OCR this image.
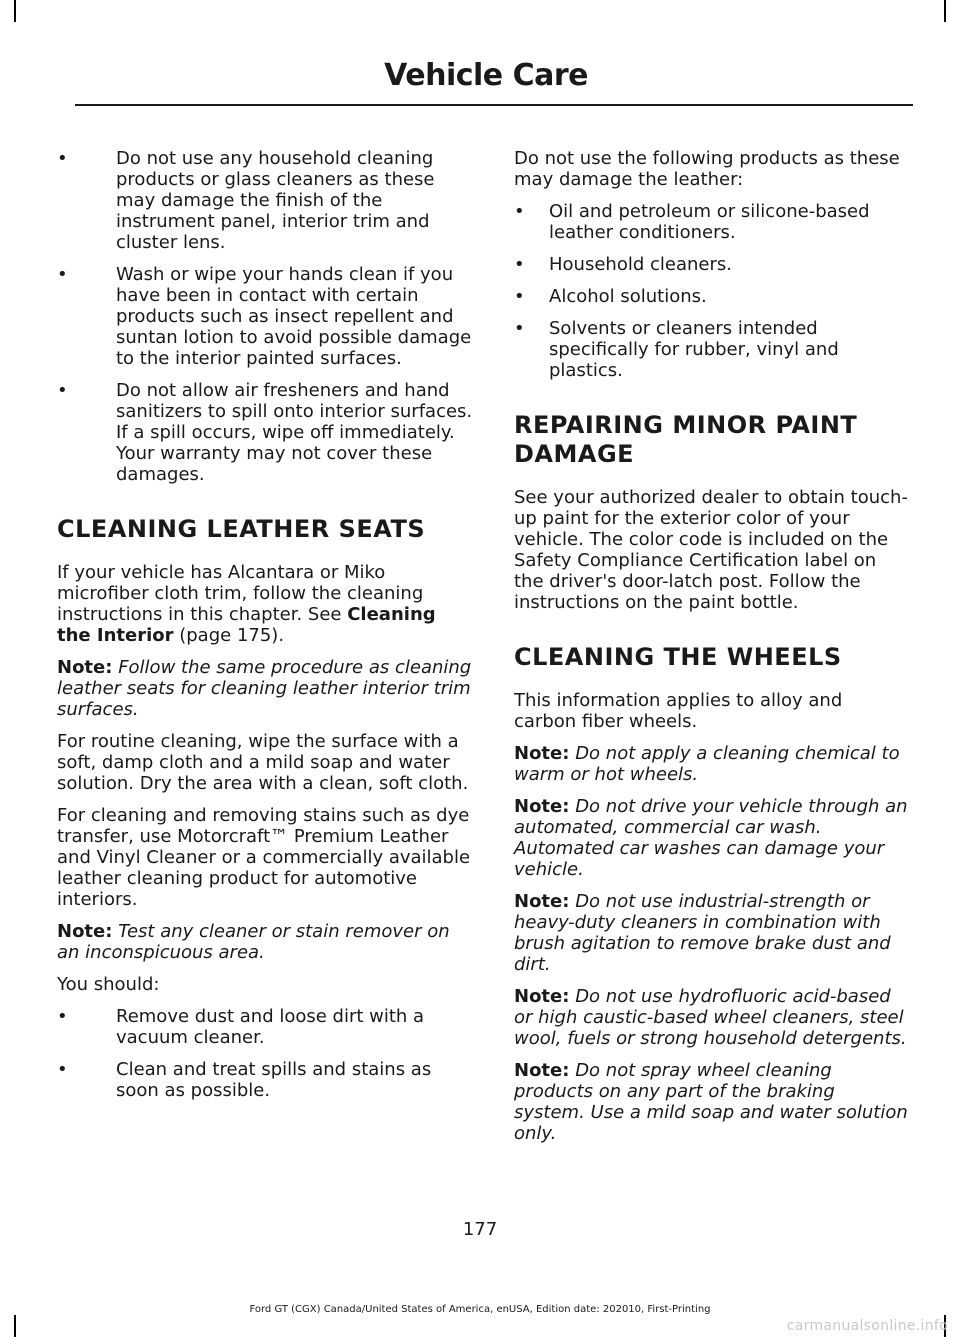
Vehicle Care
•	Do not use any household cleaning products or glass cleaners as these may damage the finish of the instrument panel, interior trim and cluster lens.
•	Wash or wipe your hands clean if you have been in contact with certain products such as insect repellent and suntan lotion to avoid possible damage to the interior painted surfaces.
•	Do not allow air fresheners and hand sanitizers to spill onto interior surfaces. If a spill occurs, wipe off immediately. Your warranty may not cover these damages.
CLEANING LEATHER SEATS

If your vehicle has Alcantara or Miko microfiber cloth trim, follow the cleaning instructions in this chapter. See Cleaning the Interior (page 175).

Note: Follow the same procedure as cleaning leather seats for cleaning leather interior trim surfaces.

For routine cleaning, wipe the surface with a soft, damp cloth and a mild soap and water solution. Dry the area with a clean, soft cloth.

For cleaning and removing stains such as dye transfer, use Motorcraft™ Premium Leather and Vinyl Cleaner or a commercially available leather cleaning product for automotive interiors.

Note: Test any cleaner or stain remover on an inconspicuous area.

You should:

•	Remove dust and loose dirt with a vacuum cleaner.
•	Clean and treat spills and stains as soon as possible.

Do not use the following products as these may damage the leather:

• Oil and petroleum or silicone-based leather conditioners.
• Household cleaners.
• Alcohol solutions.
• Solvents or cleaners intended specifically for rubber, vinyl and plastics.
REPAIRING MINOR PAINT
DAMAGE

See your authorized dealer to obtain touch-up paint for the exterior color of your vehicle. The color code is included on the Safety Compliance Certification label on the driver's door-latch post. Follow the instructions on the paint bottle.

CLEANING THE WHEELS

This information applies to alloy and carbon fiber wheels.

Note: Do not apply a cleaning chemical to warm or hot wheels.

Note: Do not drive your vehicle through an automated, commercial car wash. Automated car washes can damage your vehicle.

Note: Do not use industrial-strength or heavy-duty cleaners in combination with brush agitation to remove brake dust and dirt.

Note: Do not use hydrofluoric acid-based or high caustic-based wheel cleaners, steel wool, fuels or strong household detergents.

Note: Do not spray wheel cleaning products on any part of the braking system. Use a mild soap and water solution only.

177
Ford GT (CGX) Canada/United States of America, enUSA, Edition date: 202010, First-Printing
carmanualsonline.info
